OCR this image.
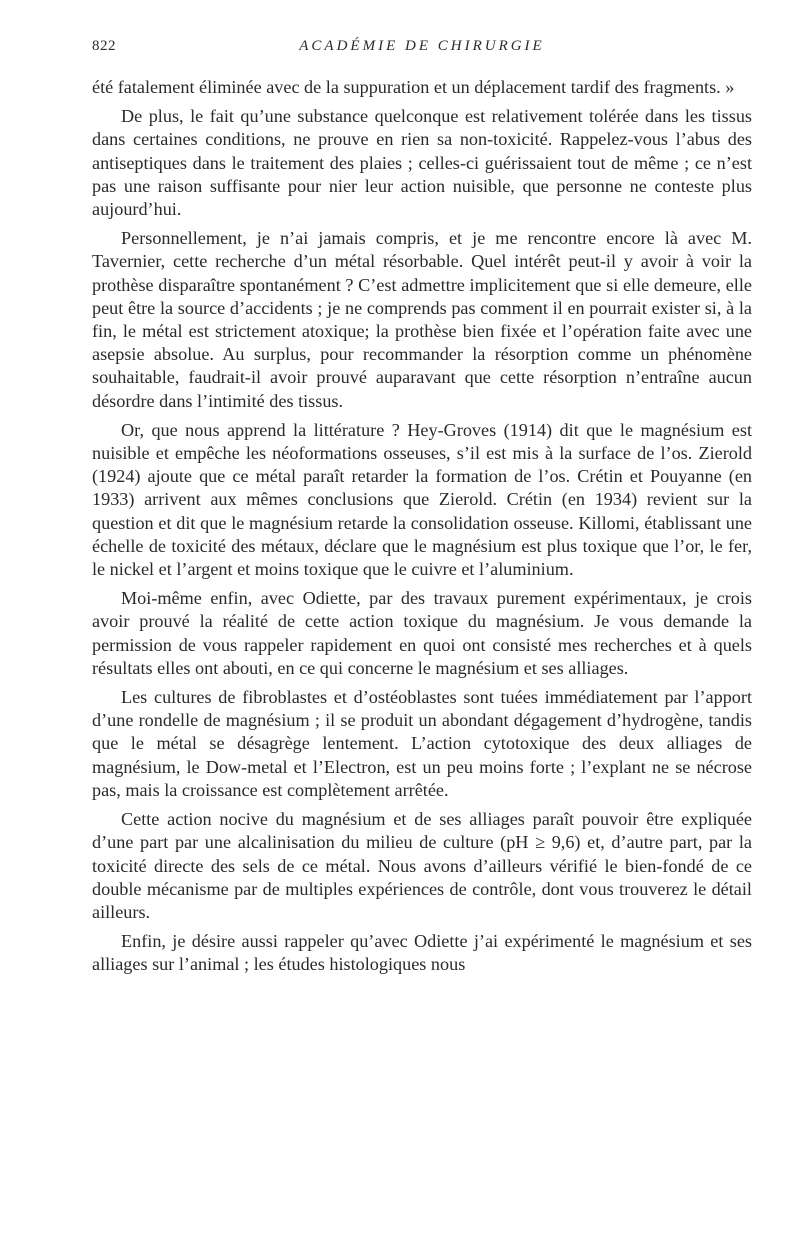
822	ACADÉMIE DE CHIRURGIE

été fatalement éliminée avec de la suppuration et un déplacement tardif des fragments. »

De plus, le fait qu’une substance quelconque est relativement tolérée dans les tissus dans certaines conditions, ne prouve en rien sa non-toxicité. Rappelez-vous l’abus des antiseptiques dans le traitement des plaies ; celles-ci guérissaient tout de même ; ce n’est pas une raison suffisante pour nier leur action nuisible, que personne ne conteste plus aujourd’hui.

Personnellement, je n’ai jamais compris, et je me rencontre encore là avec M. Tavernier, cette recherche d’un métal résorbable. Quel intérêt peut-il y avoir à voir la prothèse disparaître spontanément ? C’est admettre implicitement que si elle demeure, elle peut être la source d’accidents ; je ne comprends pas comment il en pourrait exister si, à la fin, le métal est strictement atoxique; la prothèse bien fixée et l’opération faite avec une asepsie absolue. Au surplus, pour recommander la résorption comme un phénomène souhaitable, faudrait-il avoir prouvé auparavant que cette résorption n’entraîne aucun désordre dans l’intimité des tissus.

Or, que nous apprend la littérature ? Hey-Groves (1914) dit que le magnésium est nuisible et empêche les néoformations osseuses, s’il est mis à la surface de l’os. Zierold (1924) ajoute que ce métal paraît retarder la formation de l’os. Crétin et Pouyanne (en 1933) arrivent aux mêmes conclusions que Zierold. Crétin (en 1934) revient sur la question et dit que le magnésium retarde la consolidation osseuse. Killomi, établissant une échelle de toxicité des métaux, déclare que le magnésium est plus toxique que l’or, le fer, le nickel et l’argent et moins toxique que le cuivre et l’aluminium.

Moi-même enfin, avec Odiette, par des travaux purement expérimentaux, je crois avoir prouvé la réalité de cette action toxique du magnésium. Je vous demande la permission de vous rappeler rapidement en quoi ont consisté mes recherches et à quels résultats elles ont abouti, en ce qui concerne le magnésium et ses alliages.

Les cultures de fibroblastes et d’ostéoblastes sont tuées immédiatement par l’apport d’une rondelle de magnésium ; il se produit un abondant dégagement d’hydrogène, tandis que le métal se désagrège lentement. L’action cytotoxique des deux alliages de magnésium, le Dow-metal et l’Electron, est un peu moins forte ; l’explant ne se nécrose pas, mais la croissance est complètement arrêtée.

Cette action nocive du magnésium et de ses alliages paraît pouvoir être expliquée d’une part par une alcalinisation du milieu de culture (pH ≥ 9,6) et, d’autre part, par la toxicité directe des sels de ce métal. Nous avons d’ailleurs vérifié le bien-fondé de ce double mécanisme par de multiples expériences de contrôle, dont vous trouverez le détail ailleurs.

Enfin, je désire aussi rappeler qu’avec Odiette j’ai expérimenté le magnésium et ses alliages sur l’animal ; les études histologiques nous
